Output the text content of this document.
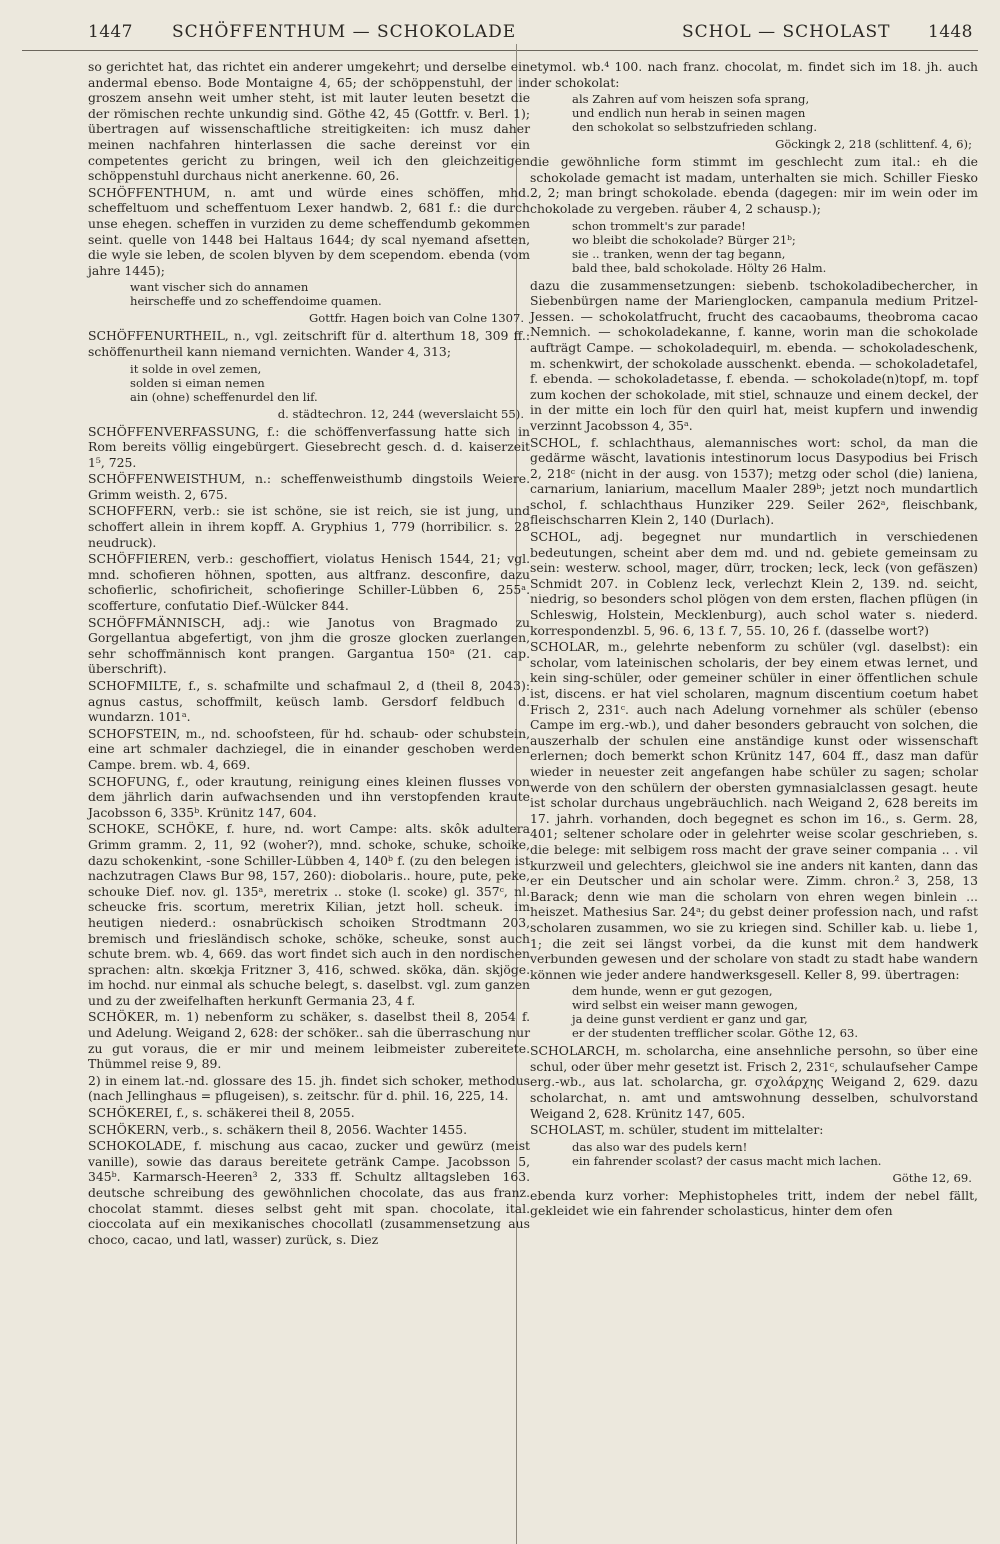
1447 SCHÖFFENTHUM — SCHOKOLADE	SCHOL — SCHOLAST 1448
so gerichtet hat, das richtet ein anderer umgekehrt; und derselbe ein andermal ebenso. Bode Montaigne 4, 65; der schöppenstuhl, der in groszem ansehn weit umher steht, ist mit lauter leuten besetzt die der römischen rechte unkundig sind. Göthe 42, 45 (Gottfr. v. Berl. 1); übertragen auf wissenschaftliche streitigkeiten: ich musz daher meinen nachfahren hinterlassen die sache dereinst vor ein competentes gericht zu bringen, weil ich den gleichzeitigen schöppenstuhl durchaus nicht anerkenne. 60, 26.
SCHÖFFENTHUM, n. amt und würde eines schöffen, mhd. scheffeltuom und scheffentuom Lexer handwb. 2, 681 f.: die durch unse ehegen. scheffen in vurziden zu deme scheffendumb gekommen seint. quelle von 1448 bei Haltaus 1644; dy scal nyemand afsetten, die wyle sie leben, de scolen blyven by dem scependom. ebenda (vom jahre 1445);
want vischer sich do annamen
heirscheffe und zo scheffendoime quamen.
Gottfr. Hagen boich van Colne 1307.
SCHÖFFENURTHEIL, n., vgl. zeitschrift für d. alterthum 18, 309 ff.: schöffenurtheil kann niemand vernichten. Wander 4, 313;
it solde in ovel zemen,
solden si eiman nemen
ain (ohne) scheffenurdel den lif.
d. städtechron. 12, 244 (weverslaicht 55).
SCHÖFFENVERFASSUNG, f.: die schöffenverfassung hatte sich in Rom bereits völlig eingebürgert. Giesebrecht gesch. d. d. kaiserzeit 1⁵, 725.
SCHÖFFENWEISTHUM, n.: scheffenweisthumb dingstoils Weiere. Grimm weisth. 2, 675.
SCHOFFERN, verb.: sie ist schöne, sie ist reich, sie ist jung, und schoffert allein in ihrem kopff. A. Gryphius 1, 779 (horribilicr. s. 28 neudruck).
SCHÖFFIEREN, verb.: geschoffiert, violatus Henisch 1544, 21; vgl. mnd. schofieren höhnen, spotten, aus altfranz. desconfire, dazu schofierlic, schofiricheit, schofieringe Schiller-Lübben 6, 255ᵃ. scofferture, confutatio Dief.-Wülcker 844.
SCHÖFFMÄNNISCH, adj.: wie Janotus von Bragmado zu Gorgellantua abgefertigt, von jhm die grosze glocken zuerlangen, sehr schoffmännisch kont prangen. Gargantua 150ᵃ (21. cap. überschrift).
SCHOFMILTE, f., s. schafmilte und schafmaul 2, d (theil 8, 2043): agnus castus, schoffmilt, keüsch lamb. Gersdorf feldbuch d. wundarzn. 101ᵃ.
SCHOFSTEIN, m., nd. schoofsteen, für hd. schaub- oder schubstein, eine art schmaler dachziegel, die in einander geschoben werden Campe. brem. wb. 4, 669.
SCHOFUNG, f., oder krautung, reinigung eines kleinen flusses von dem jährlich darin aufwachsenden und ihn verstopfenden kraute Jacobsson 6, 335ᵇ. Krünitz 147, 604.
SCHOKE, SCHÖKE, f. hure, nd. wort Campe: alts. skôk adultera Grimm gramm. 2, 11, 92 (woher?), mnd. schoke, schuke, schoike, dazu schokenkint, -sone Schiller-Lübben 4, 140ᵇ f. (zu den belegen ist nachzutragen Claws Bur 98, 157, 260): diobolaris.. houre, pute, peke, schouke Dief. nov. gl. 135ᵃ, meretrix .. stoke (l. scoke) gl. 357ᶜ, nl. scheucke fris. scortum, meretrix Kilian, jetzt holl. scheuk. im heutigen niederd.: osnabrückisch schoiken Strodtmann 203, bremisch und friesländisch schoke, schöke, scheuke, sonst auch schute brem. wb. 4, 669. das wort findet sich auch in den nordischen sprachen: altn. skœkja Fritzner 3, 416, schwed. sköka, dän. skjöge. im hochd. nur einmal als schuche belegt, s. daselbst. vgl. zum ganzen und zu der zweifelhaften herkunft Germania 23, 4 f.
SCHÖKER, m. 1) nebenform zu schäker, s. daselbst theil 8, 2054 f. und Adelung. Weigand 2, 628: der schöker.. sah die überraschung nur zu gut voraus, die er mir und meinem leibmeister zubereitete. Thümmel reise 9, 89.
2) in einem lat.-nd. glossare des 15. jh. findet sich schoker, methodus (nach Jellinghaus = pflugeisen), s. zeitschr. für d. phil. 16, 225, 14.
SCHÖKEREI, f., s. schäkerei theil 8, 2055.
SCHÖKERN, verb., s. schäkern theil 8, 2056. Wachter 1455.
SCHOKOLADE, f. mischung aus cacao, zucker und gewürz (meist vanille), sowie das daraus bereitete getränk Campe. Jacobsson 5, 345ᵇ. Karmarsch-Heeren³ 2, 333 ff. Schultz alltagsleben 163. deutsche schreibung des gewöhnlichen chocolate, das aus franz. chocolat stammt. dieses selbst geht mit span. chocolate, ital. cioccolata auf ein mexikanisches chocollatl (zusammensetzung aus choco, cacao, und latl, wasser) zurück, s. Diez
etymol. wb.⁴ 100. nach franz. chocolat, m. findet sich im 18. jh. auch der schokolat:
als Zahren auf vom heiszen sofa sprang,
und endlich nun herab in seinen magen
den schokolat so selbstzufrieden schlang.
Göckingk 2, 218 (schlittenf. 4, 6);
die gewöhnliche form stimmt im geschlecht zum ital.: eh die schokolade gemacht ist madam, unterhalten sie mich. Schiller Fiesko 2, 2; man bringt schokolade. ebenda (dagegen: mir im wein oder im chokolade zu vergeben. räuber 4, 2 schausp.);
schon trommelt's zur parade!
wo bleibt die schokolade? Bürger 21ᵇ;
sie .. tranken, wenn der tag begann,
bald thee, bald schokolade. Hölty 26 Halm.
dazu die zusammensetzungen: siebenb. tschokoladibechercher, in Siebenbürgen name der Marienglocken, campanula medium Pritzel-Jessen. — schokolatfrucht, frucht des cacaobaums, theobroma cacao Nemnich. — schokoladekanne, f. kanne, worin man die schokolade aufträgt Campe. — schokoladequirl, m. ebenda. — schokoladeschenk, m. schenkwirt, der schokolade ausschenkt. ebenda. — schokoladetafel, f. ebenda. — schokoladetasse, f. ebenda. — schokolade(n)topf, m. topf zum kochen der schokolade, mit stiel, schnauze und einem deckel, der in der mitte ein loch für den quirl hat, meist kupfern und inwendig verzinnt Jacobsson 4, 35ᵃ.
SCHOL, f. schlachthaus, alemannisches wort: schol, da man die gedärme wäscht, lavationis intestinorum locus Dasypodius bei Frisch 2, 218ᶜ (nicht in der ausg. von 1537); metzg oder schol (die) laniena, carnarium, laniarium, macellum Maaler 289ᵇ; jetzt noch mundartlich schol, f. schlachthaus Hunziker 229. Seiler 262ᵃ, fleischbank, fleischscharren Klein 2, 140 (Durlach).
SCHOL, adj. begegnet nur mundartlich in verschiedenen bedeutungen, scheint aber dem md. und nd. gebiete gemeinsam zu sein: westerw. school, mager, dürr, trocken; leck, leck (von gefäszen) Schmidt 207. in Coblenz leck, verlechzt Klein 2, 139. nd. seicht, niedrig, so besonders schol plögen von dem ersten, flachen pflügen (in Schleswig, Holstein, Mecklenburg), auch schol water s. niederd. korrespondenzbl. 5, 96. 6, 13 f. 7, 55. 10, 26 f. (dasselbe wort?)
SCHOLAR, m., gelehrte nebenform zu schüler (vgl. daselbst): ein scholar, vom lateinischen scholaris, der bey einem etwas lernet, und kein sing-schüler, oder gemeiner schüler in einer öffentlichen schule ist, discens. er hat viel scholaren, magnum discentium coetum habet Frisch 2, 231ᶜ. auch nach Adelung vornehmer als schüler (ebenso Campe im erg.-wb.), und daher besonders gebraucht von solchen, die auszerhalb der schulen eine anständige kunst oder wissenschaft erlernen; doch bemerkt schon Krünitz 147, 604 ff., dasz man dafür wieder in neuester zeit angefangen habe schüler zu sagen; scholar werde von den schülern der obersten gymnasialclassen gesagt. heute ist scholar durchaus ungebräuchlich. nach Weigand 2, 628 bereits im 17. jahrh. vorhanden, doch begegnet es schon im 16., s. Germ. 28, 401; seltener scholare oder in gelehrter weise scolar geschrieben, s. die belege: mit selbigem ross macht der grave seiner compania .. . vil kurzweil und gelechters, gleichwol sie ine anders nit kanten, dann das er ein Deutscher und ain scholar were. Zimm. chron.² 3, 258, 13 Barack; denn wie man die scholarn von ehren wegen binlein ... heiszet. Mathesius Sar. 24ᵃ; du gebst deiner profession nach, und rafst scholaren zusammen, wo sie zu kriegen sind. Schiller kab. u. liebe 1, 1; die zeit sei längst vorbei, da die kunst mit dem handwerk verbunden gewesen und der scholare von stadt zu stadt habe wandern können wie jeder andere handwerksgesell. Keller 8, 99. übertragen:
dem hunde, wenn er gut gezogen,
wird selbst ein weiser mann gewogen,
ja deine gunst verdient er ganz und gar,
er der studenten trefflicher scolar. Göthe 12, 63.
SCHOLARCH, m. scholarcha, eine ansehnliche persohn, so über eine schul, oder über mehr gesetzt ist. Frisch 2, 231ᶜ, schulaufseher Campe erg.-wb., aus lat. scholarcha, gr. σχολάρχης Weigand 2, 629. dazu scholarchat, n. amt und amtswohnung desselben, schulvorstand Weigand 2, 628. Krünitz 147, 605.
SCHOLAST, m. schüler, student im mittelalter:
das also war des pudels kern!
ein fahrender scolast? der casus macht mich lachen.
Göthe 12, 69.
ebenda kurz vorher: Mephistopheles tritt, indem der nebel fällt, gekleidet wie ein fahrender scholasticus, hinter dem ofen
